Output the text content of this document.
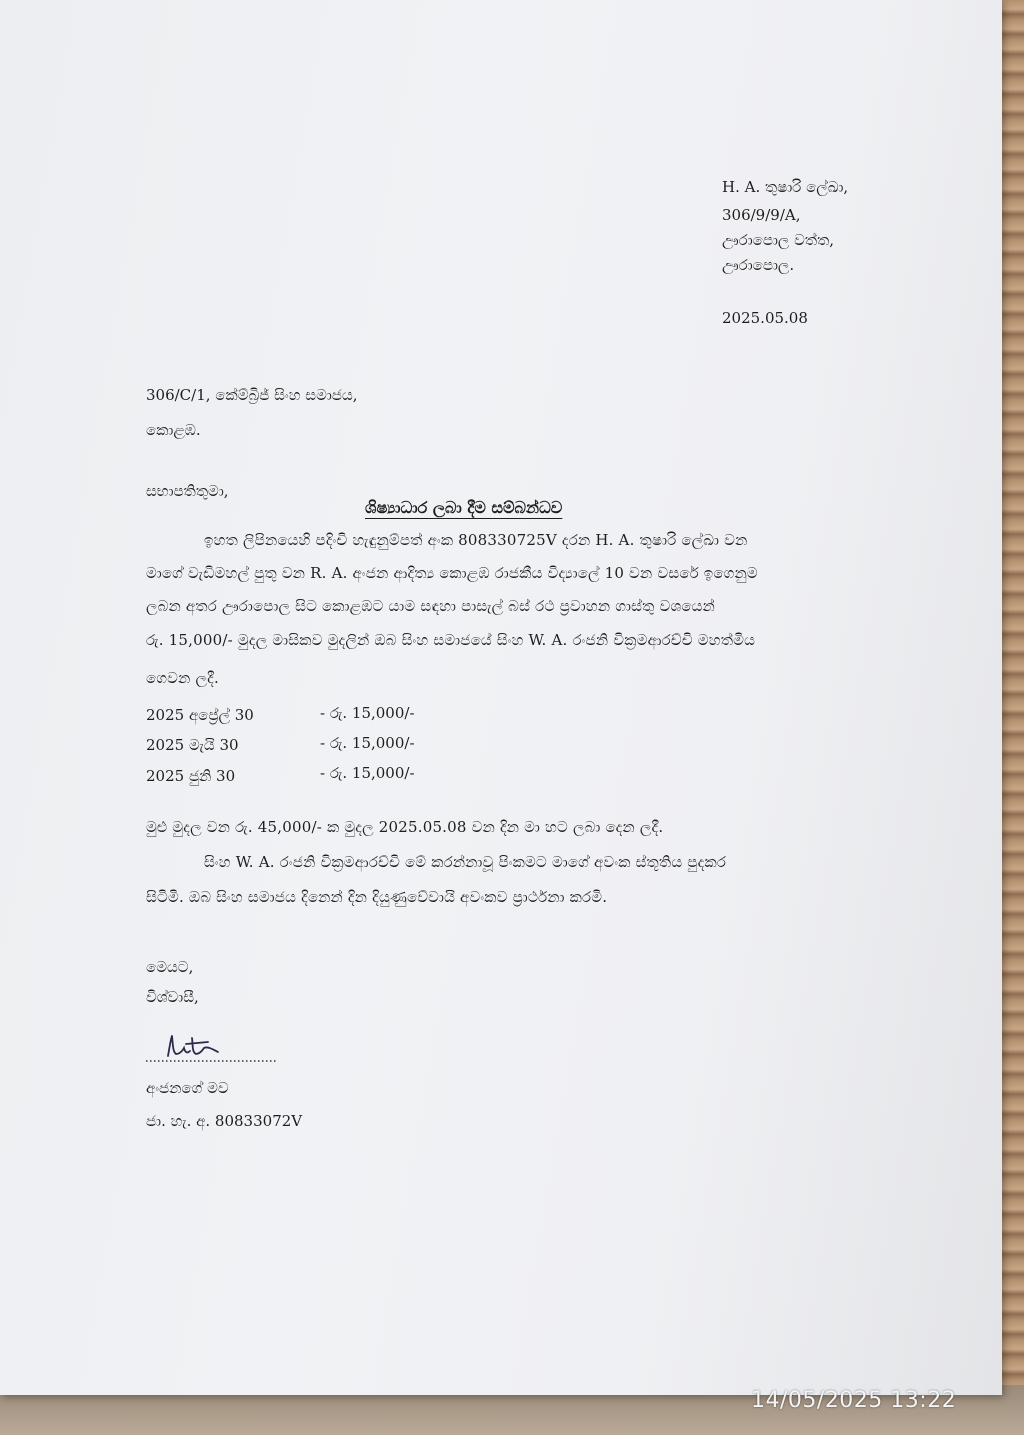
H. A. තුෂාරි ලේඛා,
306/9/9/A,
ඌරාපොල වත්ත,
ඌරාපොල.
2025.05.08
306/C/1, කේම්බ්‍රිජ් සිංහ සමාජය,
කොළඹ.
සභාපතිතුමා,
ශිෂ්‍යාධාර ලබා දීම සම්බන්ධව
ඉහත ලිපිනයෙහි පදිංචි හැඳුනුම්පත් අංක 808330725V දරන H. A. තුෂාරි ලේඛා වන
මාගේ වැඩිමහල් පුතු වන R. A. අංජන ආදිත්‍ය කොළඹ රාජකීය විද්‍යාලේ 10 වන වසරේ ඉගෙනුම
ලබන අතර ඌරාපොල සිට කොළඹට යාම සඳහා පාසැල් බස් රථ ප්‍රවාහන ගාස්තු වශයෙන්
රු. 15,000/- මුදල මාසිකව මුදලින් ඔබ සිංහ සමාජයේ සිංහ W. A. රංජනි වික්‍රමආරච්චි මහත්මිය
ගෙවන ලදී.
2025 අප්‍රේල් 30	- රු. 15,000/-
2025 මැයි 30	- රු. 15,000/-
2025 ජුනි 30	- රු. 15,000/-
මුළු මුදල වන රු. 45,000/- ක මුදල 2025.05.08 වන දින මා හට ලබා දෙන ලදී.
සිංහ W. A. රංජනි වික්‍රමආරච්චි මේ කරන්නාවූ පිංකමට මාගේ අවංක ස්තූතිය පුදකර
සිටිමි. ඔබ සිංහ සමාජය දිනෙන් දින දියුණුවේවායි අවංකව ප්‍රාර්ථනා කරමි.
මෙයට,
විශ්වාසී,
අංජනගේ මව
ජා. හැ. අ. 80833072V
14/05/2025 13:22
